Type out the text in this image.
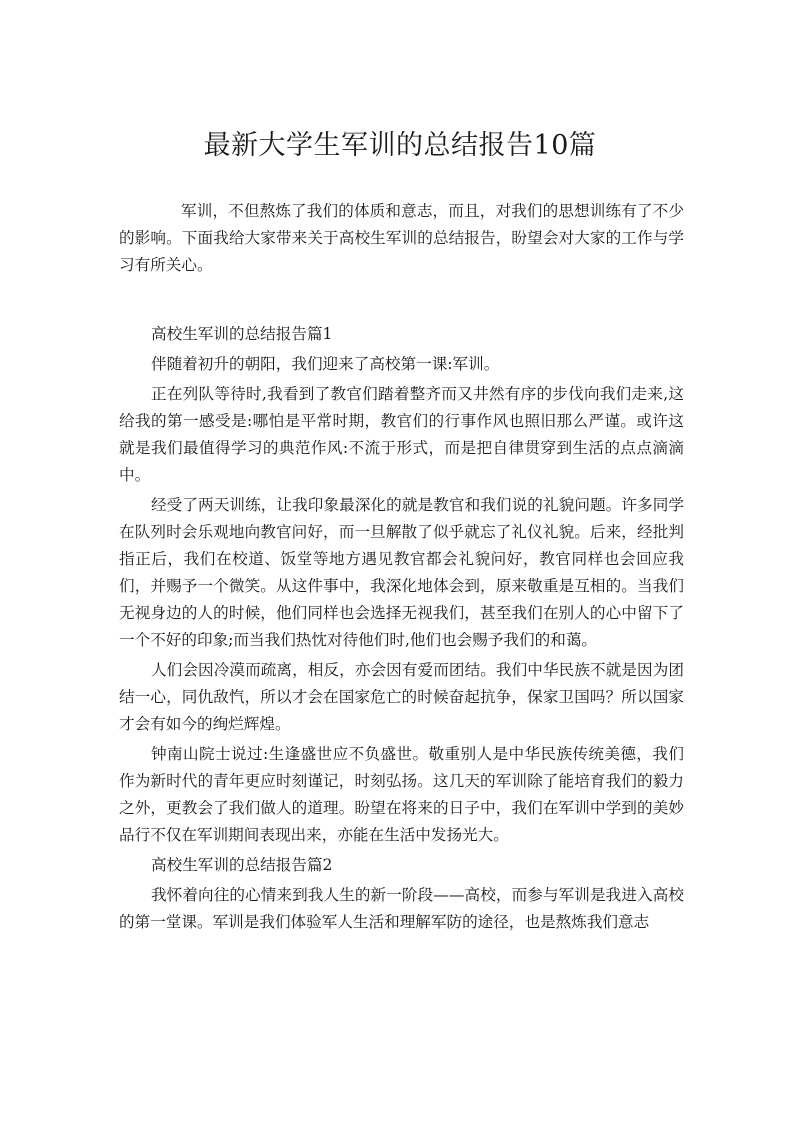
最新大学生军训的总结报告10篇

军训，不但熬炼了我们的体质和意志，而且，对我们的思想训练有了不少的影响。下面我给大家带来关于高校生军训的总结报告，盼望会对大家的工作与学习有所关心。

高校生军训的总结报告篇1

伴随着初升的朝阳，我们迎来了高校第一课:军训。

正在列队等待时,我看到了教官们踏着整齐而又井然有序的步伐向我们走来,这给我的第一感受是:哪怕是平常时期，教官们的行事作风也照旧那么严谨。或许这就是我们最值得学习的典范作风:不流于形式，而是把自律贯穿到生活的点点滴滴中。

经受了两天训练，让我印象最深化的就是教官和我们说的礼貌问题。许多同学在队列时会乐观地向教官问好，而一旦解散了似乎就忘了礼仪礼貌。后来，经批判指正后，我们在校道、饭堂等地方遇见教官都会礼貌问好，教官同样也会回应我们，并赐予一个微笑。从这件事中，我深化地体会到，原来敬重是互相的。当我们无视身边的人的时候，他们同样也会选择无视我们，甚至我们在别人的心中留下了一个不好的印象;而当我们热忱对待他们时,他们也会赐予我们的和蔼。

人们会因冷漠而疏离，相反，亦会因有爱而团结。我们中华民族不就是因为团结一心，同仇敌忾，所以才会在国家危亡的时候奋起抗争，保家卫国吗？所以国家才会有如今的绚烂辉煌。

钟南山院士说过:生逢盛世应不负盛世。敬重别人是中华民族传统美德，我们作为新时代的青年更应时刻谨记，时刻弘扬。这几天的军训除了能培育我们的毅力之外，更教会了我们做人的道理。盼望在将来的日子中，我们在军训中学到的美妙品行不仅在军训期间表现出来，亦能在生活中发扬光大。

高校生军训的总结报告篇2

我怀着向往的心情来到我人生的新一阶段——高校，而参与军训是我进入高校的第一堂课。军训是我们体验军人生活和理解军防的途径，也是熬炼我们意志
